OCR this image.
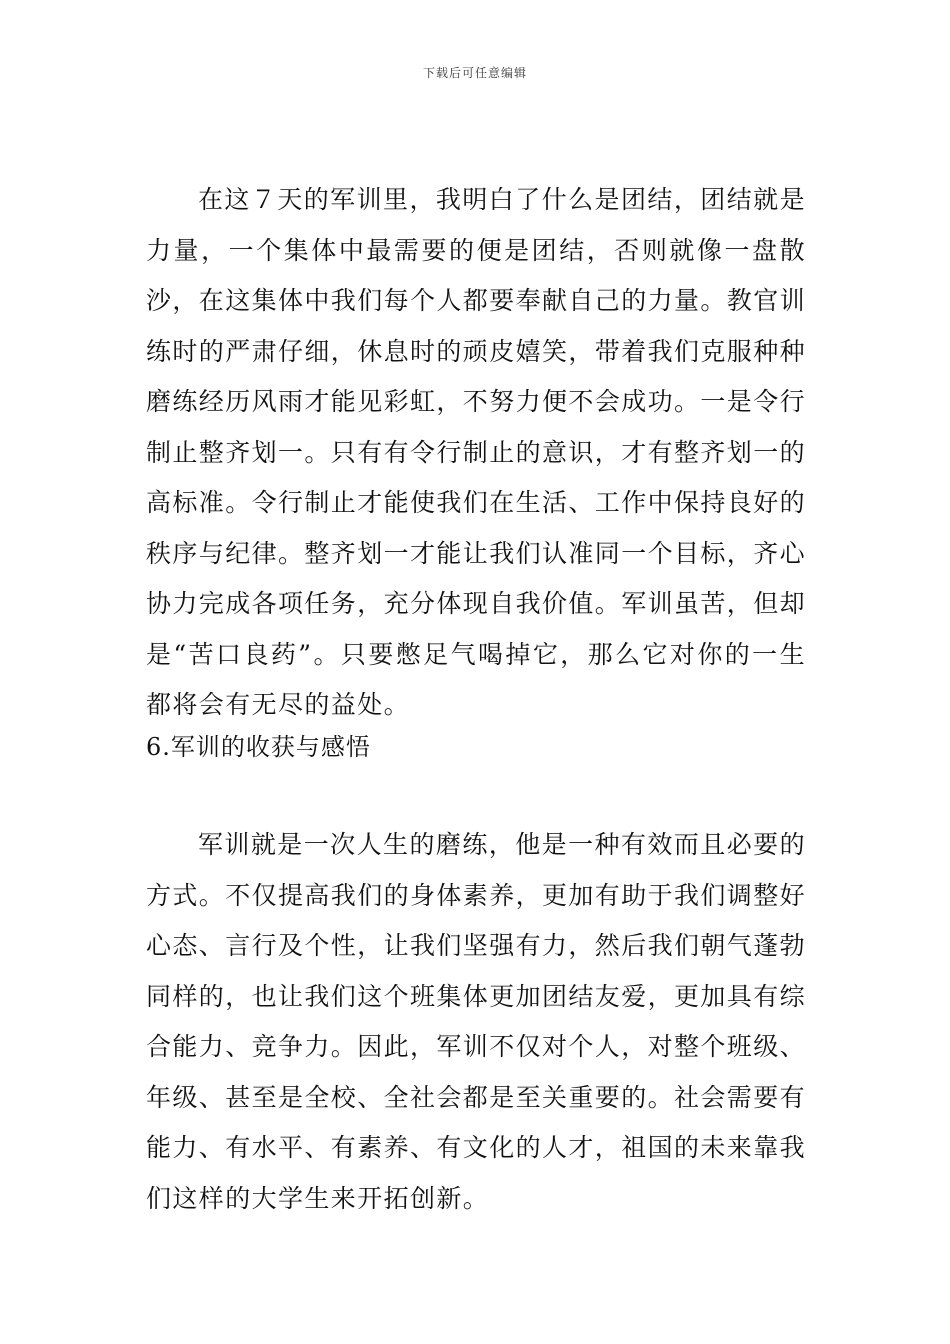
下载后可任意编辑

在这７天的军训里，我明白了什么是团结，团结就是力量，一个集体中最需要的便是团结，否则就像一盘散沙，在这集体中我们每个人都要奉献自己的力量。教官训练时的严肃仔细，休息时的顽皮嬉笑，带着我们克服种种磨练经历风雨才能见彩虹，不努力便不会成功。一是令行制止整齐划一。只有有令行制止的意识，才有整齐划一的高标准。令行制止才能使我们在生活、工作中保持良好的秩序与纪律。整齐划一才能让我们认准同一个目标，齐心协力完成各项任务，充分体现自我价值。军训虽苦，但却是“苦口良药”。只要憋足气喝掉它，那么它对你的一生都将会有无尽的益处。

6.军训的收获与感悟

军训就是一次人生的磨练，他是一种有效而且必要的方式。不仅提高我们的身体素养，更加有助于我们调整好心态、言行及个性，让我们坚强有力，然后我们朝气蓬勃同样的，也让我们这个班集体更加团结友爱，更加具有综合能力、竞争力。因此，军训不仅对个人，对整个班级、年级、甚至是全校、全社会都是至关重要的。社会需要有能力、有水平、有素养、有文化的人才，祖国的未来靠我们这样的大学生来开拓创新。
